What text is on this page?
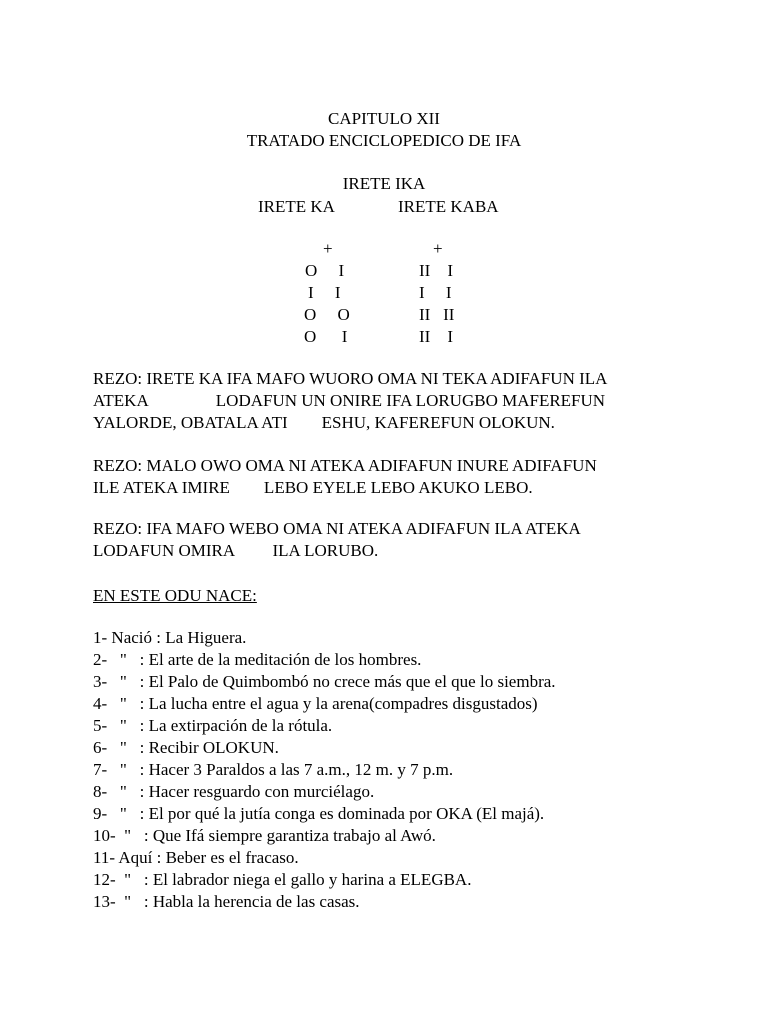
CAPITULO XII
TRATADO ENCICLOPEDICO DE IFA
IRETE IKA
IRETE KA	IRETE KABA
+
O     I
I     I
O     O
O      I
+
II    I
I     I
II   II
II    I
REZO: IRETE KA IFA MAFO WUORO OMA NI TEKA ADIFAFUN ILA
ATEKA                LODAFUN UN ONIRE IFA LORUGBO MAFEREFUN
YALORDE, OBATALA ATI        ESHU, KAFEREFUN OLOKUN.
REZO: MALO OWO OMA NI ATEKA ADIFAFUN INURE ADIFAFUN
ILE ATEKA IMIRE        LEBO EYELE LEBO AKUKO LEBO.
REZO: IFA MAFO WEBO OMA NI ATEKA ADIFAFUN ILA ATEKA
LODAFUN OMIRA         ILA LORUBO.
EN ESTE ODU NACE:
1- Nació : La Higuera.
2-   "   : El arte de la meditación de los hombres.
3-   "   : El Palo de Quimbombó no crece más que el que lo siembra.
4-   "   : La lucha entre el agua y la arena(compadres disgustados)
5-   "   : La extirpación de la rótula.
6-   "   : Recibir OLOKUN.
7-   "   : Hacer 3 Paraldos a las 7 a.m., 12 m. y 7 p.m.
8-   "   : Hacer resguardo con murciélago.
9-   "   : El por qué la jutía conga es dominada por OKA (El majá).
10-  "   : Que Ifá siempre garantiza trabajo al Awó.
11- Aquí : Beber es el fracaso.
12-  "   : El labrador niega el gallo y harina a ELEGBA.
13-  "   : Habla la herencia de las casas.
